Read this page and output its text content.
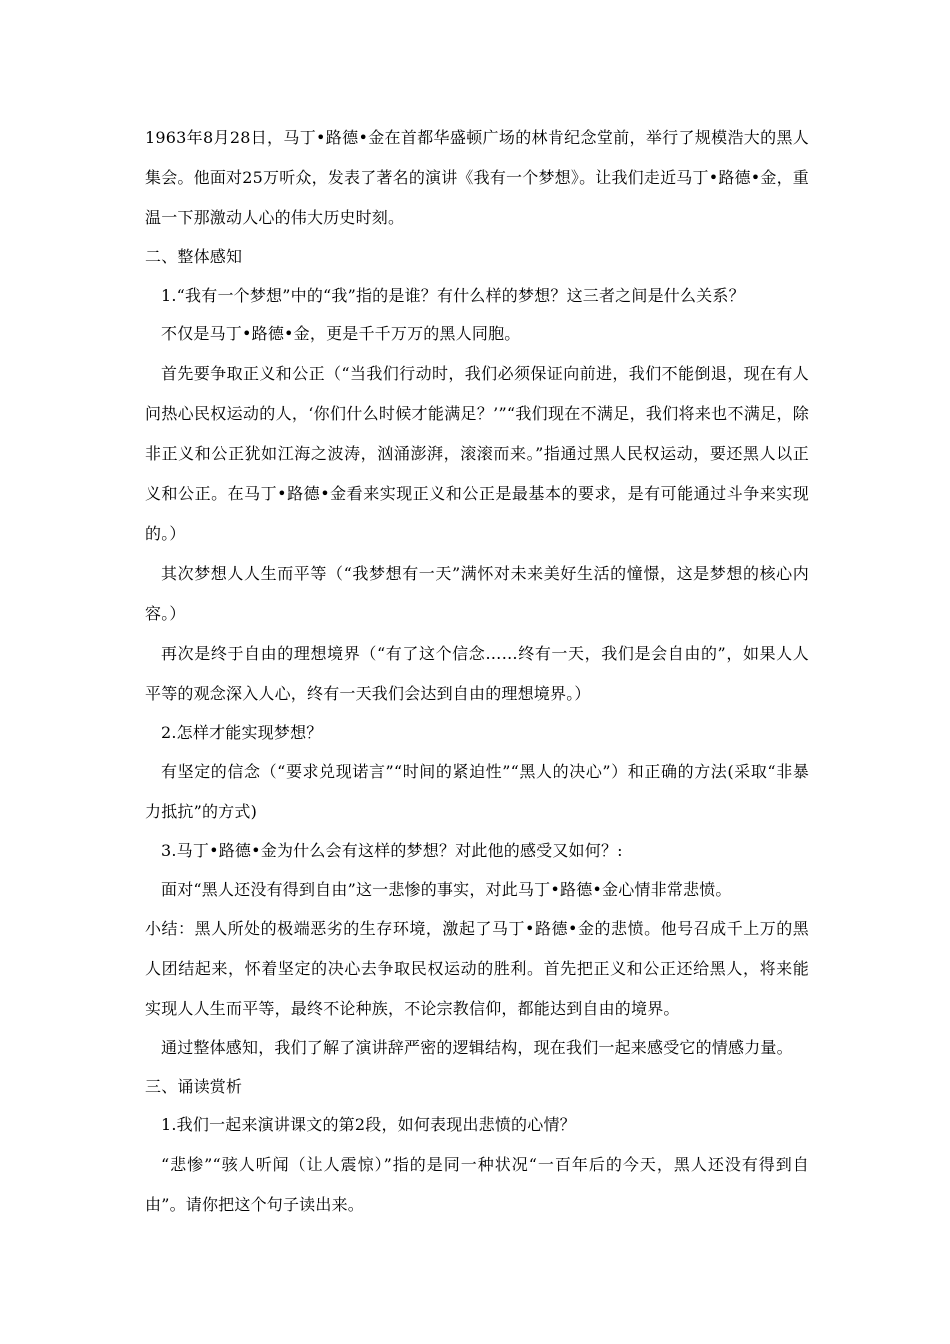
1963年8月28日，马丁•路德•金在首都华盛顿广场的林肯纪念堂前，举行了规模浩大的黑人集会。他面对25万听众，发表了著名的演讲《我有一个梦想》。让我们走近马丁•路德•金，重温一下那激动人心的伟大历史时刻。

二、整体感知

1.“我有一个梦想”中的“我”指的是谁？有什么样的梦想？这三者之间是什么关系？

不仅是马丁•路德•金，更是千千万万的黑人同胞。

首先要争取正义和公正（“当我们行动时，我们必须保证向前进，我们不能倒退，现在有人问热心民权运动的人，‘你们什么时候才能满足？’”“我们现在不满足，我们将来也不满足，除非正义和公正犹如江海之波涛，汹涌澎湃，滚滚而来。”指通过黑人民权运动，要还黑人以正义和公正。在马丁•路德•金看来实现正义和公正是最基本的要求，是有可能通过斗争来实现的。）

其次梦想人人生而平等（“我梦想有一天”满怀对未来美好生活的憧憬，这是梦想的核心内容。）

再次是终于自由的理想境界（“有了这个信念……终有一天，我们是会自由的”，如果人人平等的观念深入人心，终有一天我们会达到自由的理想境界。）

2.怎样才能实现梦想？

有坚定的信念（“要求兑现诺言”“时间的紧迫性”“黑人的决心”）和正确的方法(采取“非暴力抵抗”的方式)

3.马丁•路德•金为什么会有这样的梦想？对此他的感受又如何？:

面对“黑人还没有得到自由”这一悲惨的事实，对此马丁•路德•金心情非常悲愤。

小结：黑人所处的极端恶劣的生存环境，激起了马丁•路德•金的悲愤。他号召成千上万的黑人团结起来，怀着坚定的决心去争取民权运动的胜利。首先把正义和公正还给黑人，将来能实现人人生而平等，最终不论种族，不论宗教信仰，都能达到自由的境界。

通过整体感知，我们了解了演讲辞严密的逻辑结构，现在我们一起来感受它的情感力量。

三、诵读赏析

1.我们一起来演讲课文的第2段，如何表现出悲愤的心情？

“悲惨”“骇人听闻（让人震惊）”指的是同一种状况“一百年后的今天，黑人还没有得到自由”。请你把这个句子读出来。
